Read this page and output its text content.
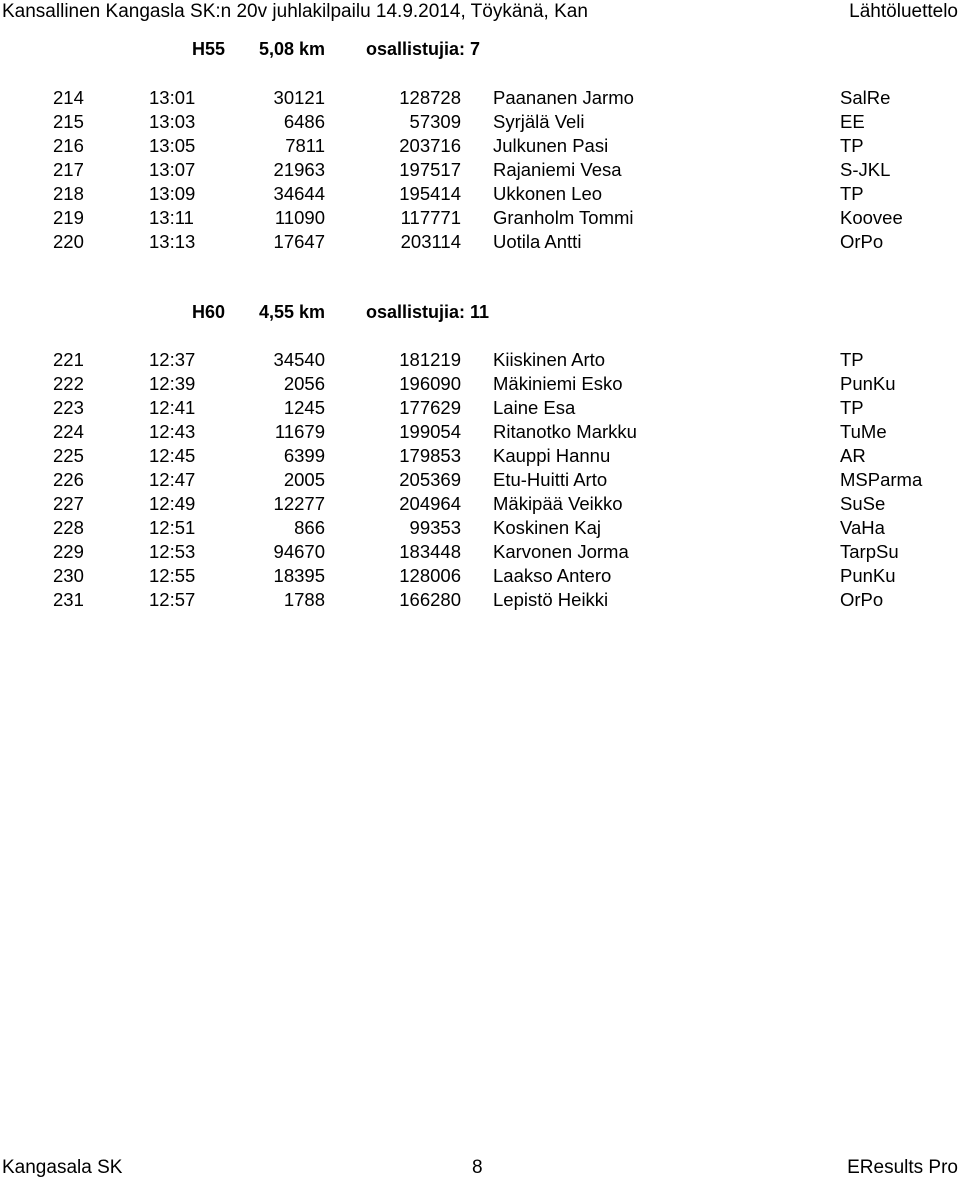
Kansallinen Kangasla SK:n 20v juhlakilpailu 14.9.2014, Töykänä, Kan	Lähtöluettelo
H55 5,08 km osallistujia: 7
214	13:01	30121	128728 Paananen Jarmo	SalRe
215	13:03	6486	57309 Syrjälä Veli	EE
216	13:05	7811	203716 Julkunen Pasi	TP
217	13:07	21963	197517 Rajaniemi Vesa	S-JKL
218	13:09	34644	195414 Ukkonen Leo	TP
219	13:11	11090	117771 Granholm Tommi	Koovee
220	13:13	17647	203114 Uotila Antti	OrPo
H60 4,55 km osallistujia: 11
221	12:37	34540	181219 Kiiskinen Arto	TP
222	12:39	2056	196090 Mäkiniemi Esko	PunKu
223	12:41	1245	177629 Laine Esa	TP
224	12:43	11679	199054 Ritanotko Markku	TuMe
225	12:45	6399	179853 Kauppi Hannu	AR
226	12:47	2005	205369 Etu-Huitti Arto	MSParma
227	12:49	12277	204964 Mäkipää Veikko	SuSe
228	12:51	866	99353 Koskinen Kaj	VaHa
229	12:53	94670	183448 Karvonen Jorma	TarpSu
230	12:55	18395	128006 Laakso Antero	PunKu
231	12:57	1788	166280 Lepistö Heikki	OrPo
Kangasala SK	8	EResults Pro
